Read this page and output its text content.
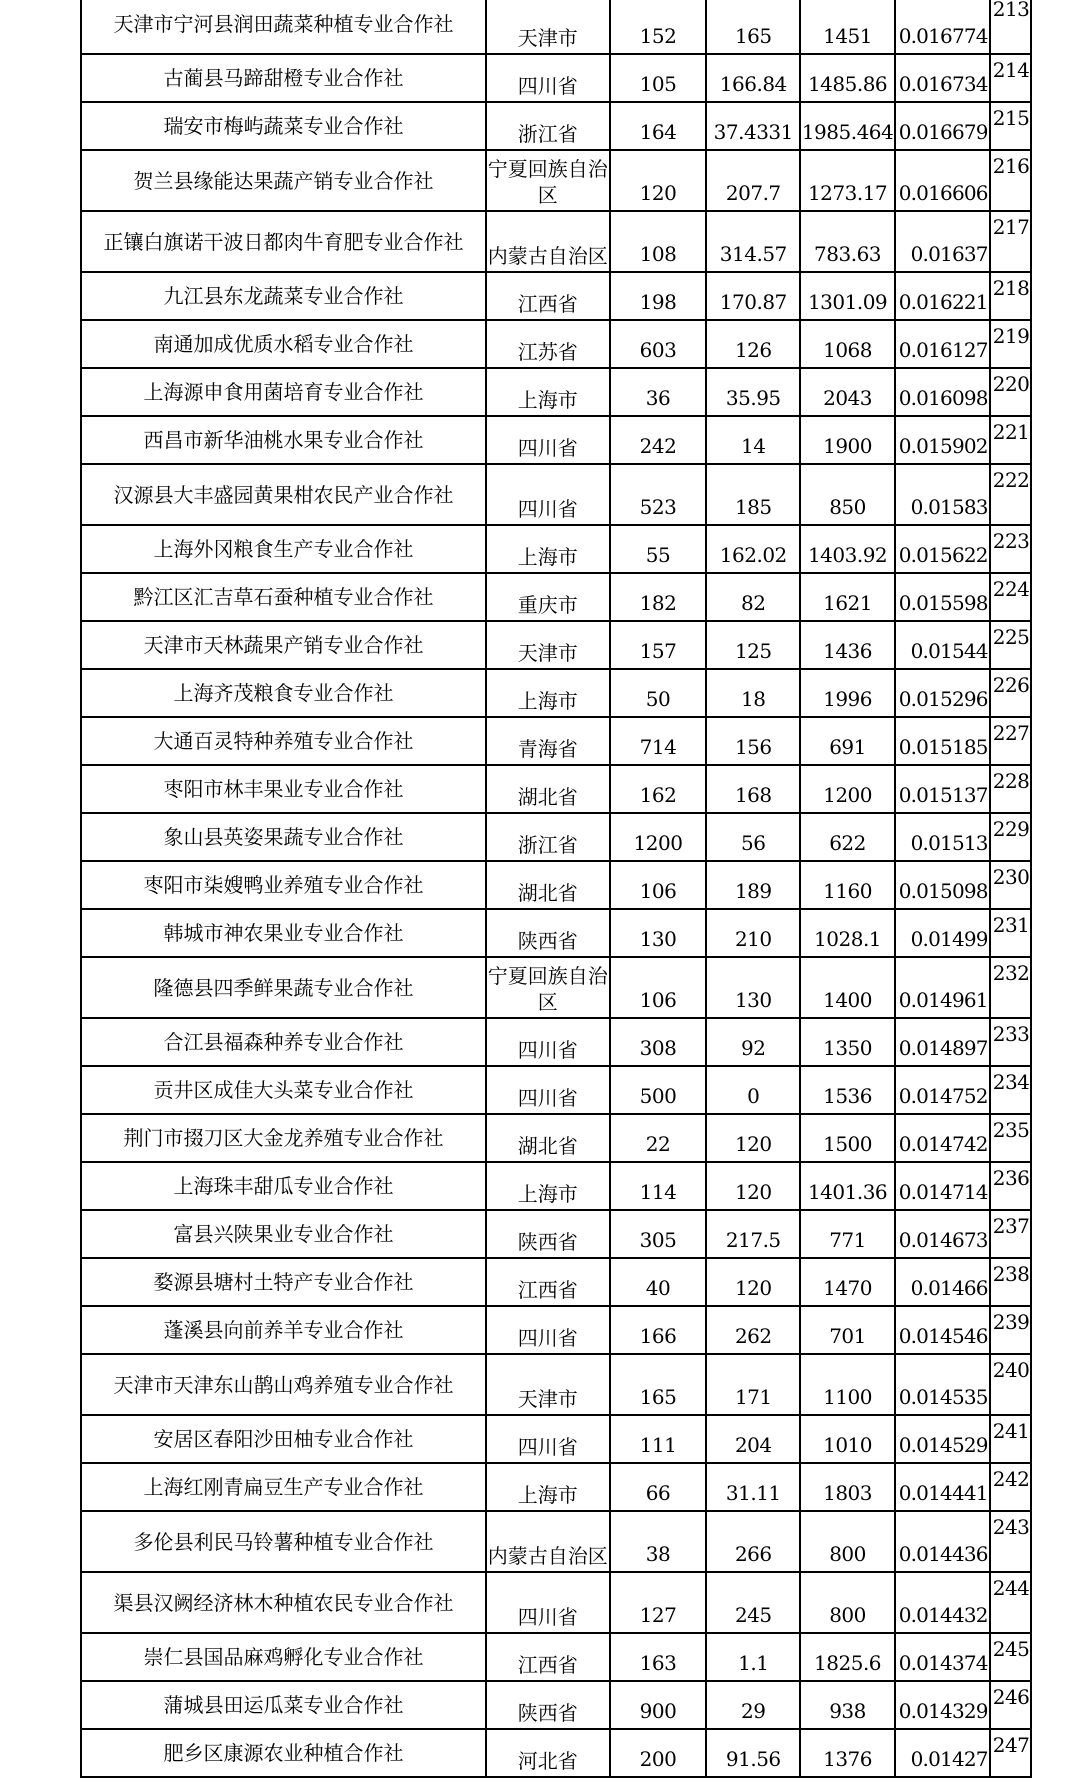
天津市宁河县润田蔬菜种植专业合作社	天津市	152	165	1451	0.016774	213
古蔺县马蹄甜橙专业合作社	四川省	105	166.84	1485.86	0.016734	214
瑞安市梅屿蔬菜专业合作社	浙江省	164	37.4331	1985.464	0.016679	215
贺兰县缘能达果蔬产销专业合作社	宁夏回族自治区	120	207.7	1273.17	0.016606	216
正镶白旗诺干波日都肉牛育肥专业合作社	内蒙古自治区	108	314.57	783.63	0.01637	217
九江县东龙蔬菜专业合作社	江西省	198	170.87	1301.09	0.016221	218
南通加成优质水稻专业合作社	江苏省	603	126	1068	0.016127	219
上海源申食用菌培育专业合作社	上海市	36	35.95	2043	0.016098	220
西昌市新华油桃水果专业合作社	四川省	242	14	1900	0.015902	221
汉源县大丰盛园黄果柑农民产业合作社	四川省	523	185	850	0.01583	222
上海外冈粮食生产专业合作社	上海市	55	162.02	1403.92	0.015622	223
黔江区汇吉草石蚕种植专业合作社	重庆市	182	82	1621	0.015598	224
天津市天林蔬果产销专业合作社	天津市	157	125	1436	0.01544	225
上海齐茂粮食专业合作社	上海市	50	18	1996	0.015296	226
大通百灵特种养殖专业合作社	青海省	714	156	691	0.015185	227
枣阳市林丰果业专业合作社	湖北省	162	168	1200	0.015137	228
象山县英姿果蔬专业合作社	浙江省	1200	56	622	0.01513	229
枣阳市柒嫂鸭业养殖专业合作社	湖北省	106	189	1160	0.015098	230
韩城市神农果业专业合作社	陕西省	130	210	1028.1	0.01499	231
隆德县四季鲜果蔬专业合作社	宁夏回族自治区	106	130	1400	0.014961	232
合江县福森种养专业合作社	四川省	308	92	1350	0.014897	233
贡井区成佳大头菜专业合作社	四川省	500	0	1536	0.014752	234
荆门市掇刀区大金龙养殖专业合作社	湖北省	22	120	1500	0.014742	235
上海珠丰甜瓜专业合作社	上海市	114	120	1401.36	0.014714	236
富县兴陕果业专业合作社	陕西省	305	217.5	771	0.014673	237
婺源县塘村土特产专业合作社	江西省	40	120	1470	0.01466	238
蓬溪县向前养羊专业合作社	四川省	166	262	701	0.014546	239
天津市天津东山鹊山鸡养殖专业合作社	天津市	165	171	1100	0.014535	240
安居区春阳沙田柚专业合作社	四川省	111	204	1010	0.014529	241
上海红刚青扁豆生产专业合作社	上海市	66	31.11	1803	0.014441	242
多伦县利民马铃薯种植专业合作社	内蒙古自治区	38	266	800	0.014436	243
渠县汉阙经济林木种植农民专业合作社	四川省	127	245	800	0.014432	244
崇仁县国品麻鸡孵化专业合作社	江西省	163	1.1	1825.6	0.014374	245
蒲城县田运瓜菜专业合作社	陕西省	900	29	938	0.014329	246
肥乡区康源农业种植合作社	河北省	200	91.56	1376	0.01427	247
